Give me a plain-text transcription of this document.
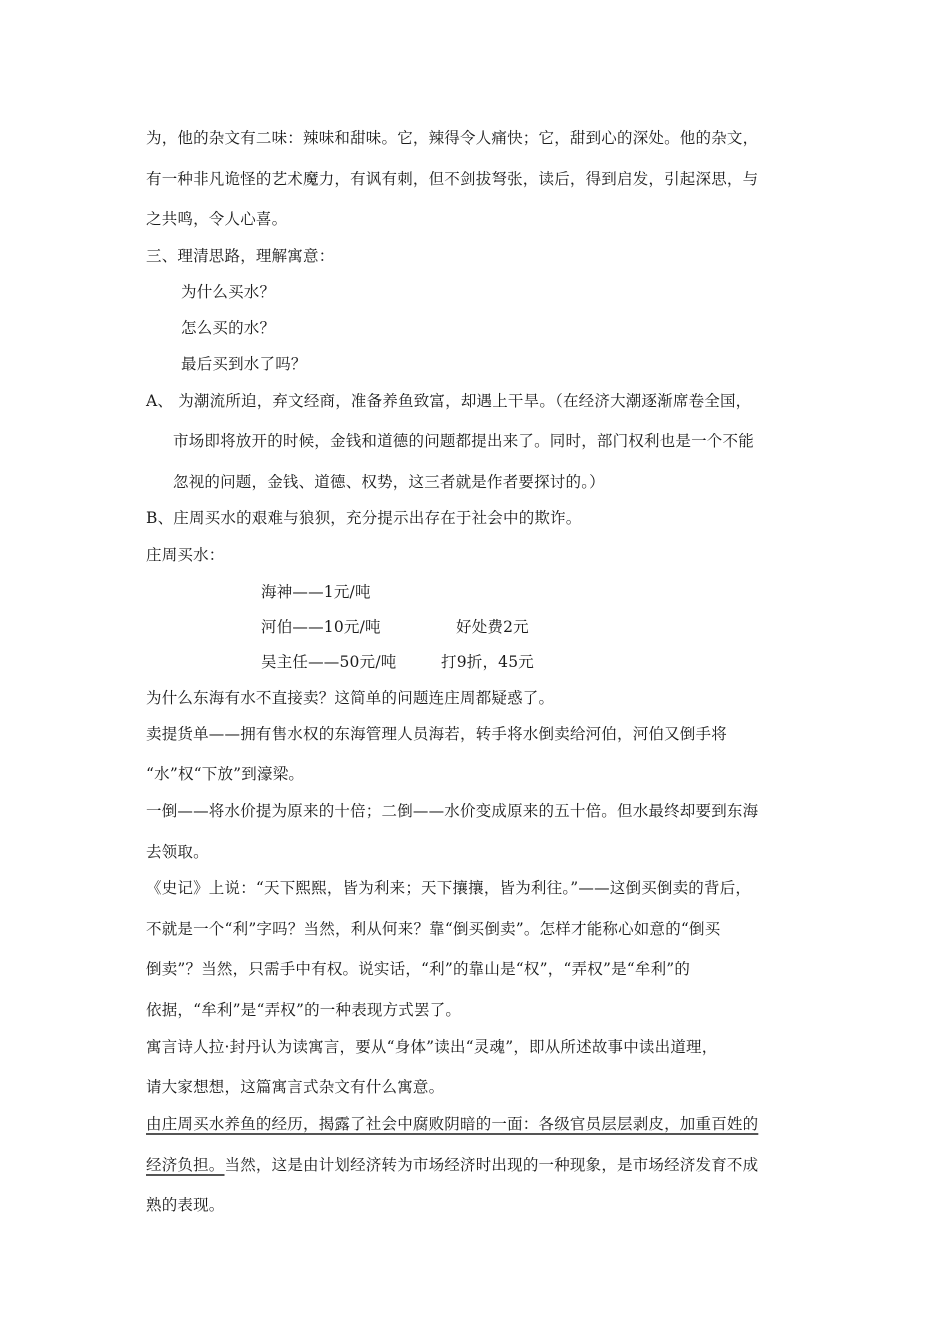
为，他的杂文有二味：辣味和甜味。它，辣得令人痛快；它，甜到心的深处。他的杂文，
有一种非凡诡怪的艺术魔力，有讽有刺，但不剑拔弩张，读后，得到启发，引起深思，与
之共鸣，令人心喜。
三、理清思路，理解寓意：
为什么买水？
怎么买的水？
最后买到水了吗？
A、 为潮流所迫，弃文经商，准备养鱼致富，却遇上干旱。（在经济大潮逐渐席卷全国，
市场即将放开的时候，金钱和道德的问题都提出来了。同时，部门权利也是一个不能
忽视的问题，金钱、道德、权势，这三者就是作者要探讨的。）
B、庄周买水的艰难与狼狈，充分提示出存在于社会中的欺诈。
庄周买水：
海神——1元/吨
河伯——10元/吨	好处费2元
吴主任——50元/吨	打9折，45元
为什么东海有水不直接卖？这简单的问题连庄周都疑惑了。
卖提货单——拥有售水权的东海管理人员海若，转手将水倒卖给河伯，河伯又倒手将
“水”权“下放”到濠梁。
一倒——将水价提为原来的十倍；二倒——水价变成原来的五十倍。但水最终却要到东海
去领取。
《史记》上说：“天下熙熙，皆为利来；天下攘攘，皆为利往。”——这倒买倒卖的背后，
不就是一个“利”字吗？当然，利从何来？靠“倒买倒卖”。怎样才能称心如意的“倒买
倒卖”？当然，只需手中有权。说实话，“利”的靠山是“权”，“弄权”是“牟利”的
依据，“牟利”是“弄权”的一种表现方式罢了。
寓言诗人拉·封丹认为读寓言，要从“身体”读出“灵魂”，即从所述故事中读出道理，
请大家想想，这篇寓言式杂文有什么寓意。
由庄周买水养鱼的经历，揭露了社会中腐败阴暗的一面：各级官员层层剥皮，加重百姓的
经济负担。当然，这是由计划经济转为市场经济时出现的一种现象，是市场经济发育不成
熟的表现。
